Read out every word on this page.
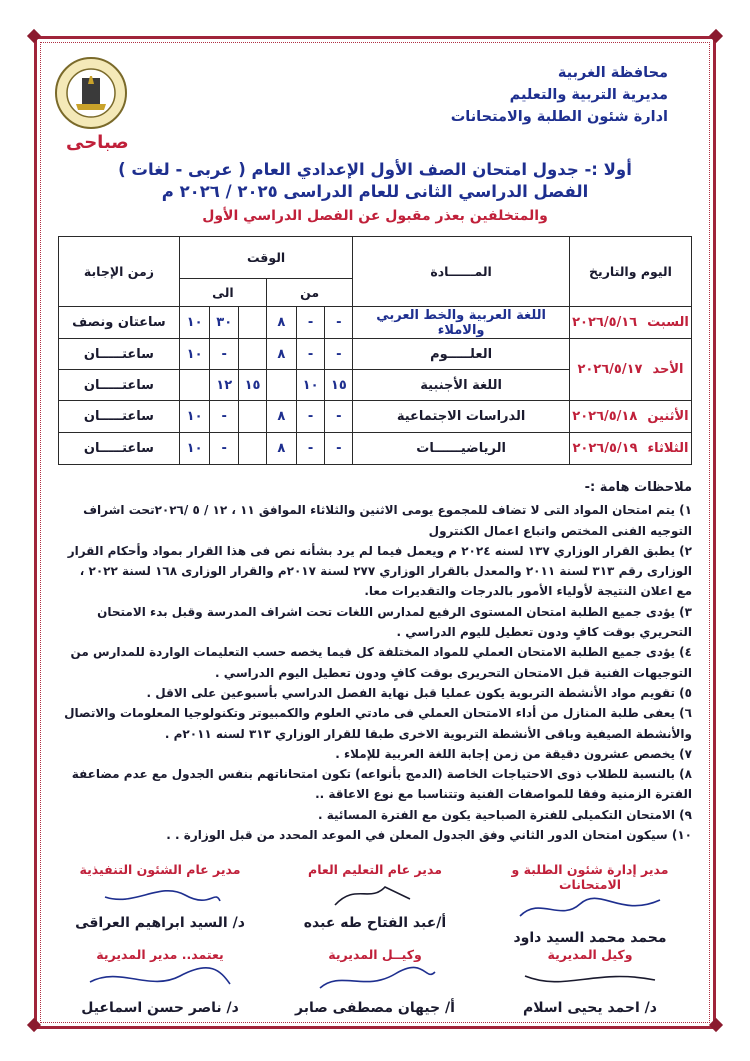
محافظة الغربية
مديرية التربية والتعليم
ادارة شئون الطلبة والامتحانات
صباحى
أولا :- جدول امتحان الصف الأول الإعدادي العام ( عربى - لغات )
الفصل الدراسي الثانى للعام الدراسى ٢٠٢٥ / ٢٠٢٦ م
والمتخلفين بعذر مقبول عن الفصل الدراسي الأول
اليوم والتاريخ	المــــــادة	الوقت						زمن الإجابة
		من			الى			
السبت٢٠٢٦/٥/١٦	اللغة العربية والخط العربي والاملاء	-	-	٨		٣٠	١٠	ساعتان ونصف
الأحد٢٠٢٦/٥/١٧	العلـــــوم	-	-	٨		-	١٠	ساعتـــــان
	اللغة الأجنبية	١٥	١٠		١٥	١٢		ساعتـــــان
الأثنين٢٠٢٦/٥/١٨	الدراسات الاجتماعية	-	-	٨		-	١٠	ساعتـــــان
الثلاثاء٢٠٢٦/٥/١٩	الرياضيــــــات	-	-	٨		-	١٠	ساعتـــــان
ملاحظات هامة :-

١) يتم امتحان المواد التى لا تضاف للمجموع يومى الاثنين والثلاثاء الموافق ١١ ، ١٢ / ٥ /٢٠٢٦تحت اشراف التوجيه الفنى المختص واتباع اعمال الكنترول

٢) يطبق القرار الوزاري ١٣٧ لسنه ٢٠٢٤ م ويعمل فيما لم يرد بشأنه نص فى هذا القرار بمواد وأحكام القرار الوزارى رقم ٣١٣ لسنة ٢٠١١ والمعدل بالقرار الوزاري ٢٧٧ لسنة ٢٠١٧م والقرار الوزارى ١٦٨ لسنة ٢٠٢٢ ، مع اعلان النتيجة لأولياء الأمور بالدرجات والتقديرات معا.

٣) يؤدى جميع الطلبة امتحان المستوى الرفيع لمدارس اللغات تحت اشراف المدرسة وقبل بدء الامتحان التحريري بوقت كافٍ ودون تعطيل لليوم الدراسي .

٤) يؤدى جميع الطلبة الامتحان العملي للمواد المختلفة كل فيما يخصه حسب التعليمات الواردة للمدارس من التوجيهات الفنية قبل الامتحان التحريرى بوقت كافٍ ودون تعطيل اليوم الدراسي .

٥) تقويم مواد الأنشطة التربوية يكون عمليا قبل نهاية الفصل الدراسي بأسبوعين على الاقل .

٦) يعفى طلبة المنازل من أداء الامتحان العملي فى مادتي العلوم والكمبيوتر وتكنولوجيا المعلومات والاتصال والأنشطة الصيفية وباقى الأنشطة التربوية الاخرى طبقا للقرار الوزاري ٣١٣ لسنه ٢٠١١م .

٧) يخصص عشرون دقيقة من زمن إجابة اللغة العربية للإملاء .

٨) بالنسبة للطلاب ذوى الاحتياجات الخاصة (الدمج بأنواعه) تكون امتحاناتهم بنفس الجدول مع عدم مضاعفة الفترة الزمنية وفقا للمواصفات الفنية وتتناسبا مع نوع الاعاقة ..

٩) الامتحان التكميلى للفترة الصباحية يكون مع الفترة المسائية .

١٠) سيكون امتحان الدور الثاني وفق الجدول المعلن في الموعد المحدد من قبل الوزارة . .

مدير إدارة شئون الطلبة و الامتحانات
محمد محمد السيد داود
مدير عام التعليم العام
أ/عبد الفتاح طه عبده
مدير عام الشئون التنفيذية
د/ السيد ابراهيم العراقى
وكيل المديرية
د/ احمد يحيى اسلام
وكيــل المديرية
أ/ جيهان مصطفى صابر
يعتمد.. مدير المديرية
د/ ناصر حسن اسماعيل
